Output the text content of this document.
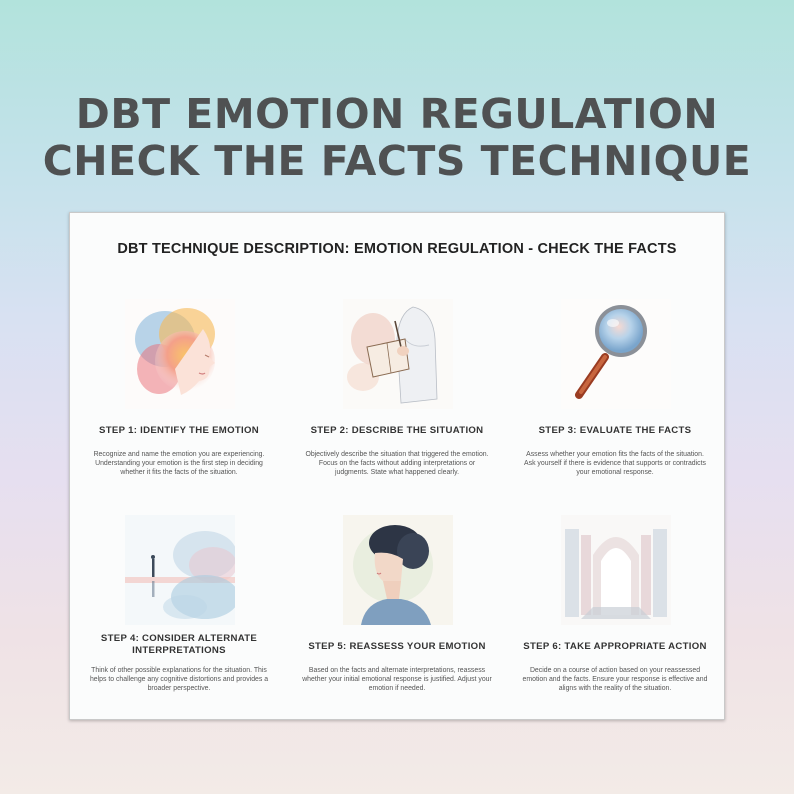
DBT EMOTION REGULATION
CHECK THE FACTS TECHNIQUE
DBT TECHNIQUE DESCRIPTION: EMOTION REGULATION - CHECK THE FACTS

STEP 1: IDENTIFY THE EMOTION

Recognize and name the emotion you are experiencing. Understanding your emotion is the first step in deciding whether it fits the facts of the situation.

STEP 2: DESCRIBE THE SITUATION

Objectively describe the situation that triggered the emotion. Focus on the facts without adding interpretations or judgments. State what happened clearly.

STEP 3: EVALUATE THE FACTS

Assess whether your emotion fits the facts of the situation. Ask yourself if there is evidence that supports or contradicts your emotional response.

STEP 4: CONSIDER ALTERNATE INTERPRETATIONS

Think of other possible explanations for the situation. This helps to challenge any cognitive distortions and provides a broader perspective.

STEP 5: REASSESS YOUR EMOTION

Based on the facts and alternate interpretations, reassess whether your initial emotional response is justified. Adjust your emotion if needed.

STEP 6: TAKE APPROPRIATE ACTION

Decide on a course of action based on your reassessed emotion and the facts. Ensure your response is effective and aligns with the reality of the situation.
